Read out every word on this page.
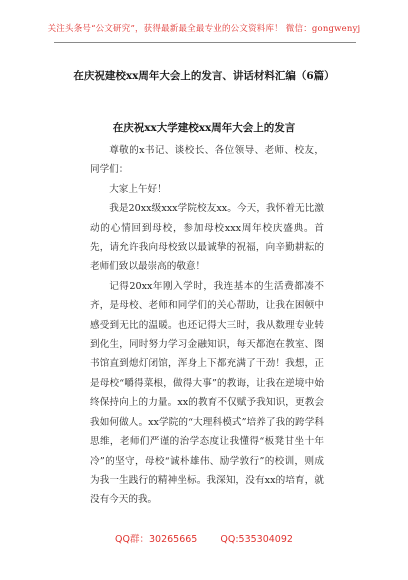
关注头条号“公文研究”，获得最新最全最专业的公文资料库！ 微信：gongwenyj
在庆祝建校xx周年大会上的发言、讲话材料汇编（6篇）
在庆祝xx大学建校xx周年大会上的发言

尊敬的x书记、谈校长、各位领导、老师、校友，同学们：

大家上午好！

我是20xx级xxx学院校友xx。今天，我怀着无比激动的心情回到母校，参加母校xxx周年校庆盛典。首先，请允许我向母校致以最诚挚的祝福，向辛勤耕耘的老师们致以最崇高的敬意！

记得20xx年刚入学时，我连基本的生活费都凑不齐，是母校、老师和同学们的关心帮助，让我在困顿中感受到无比的温暖。也还记得大三时，我从数理专业转到化生，同时努力学习金融知识，每天都泡在教室、图书馆直到熄灯闭馆，浑身上下都充满了干劲！我想，正是母校“嚼得菜根，做得大事”的教诲，让我在逆境中始终保持向上的力量。xx的教育不仅赋予我知识，更教会我如何做人。xx学院的“大理科模式”培养了我的跨学科思维，老师们严谨的治学态度让我懂得“板凳甘坐十年冷”的坚守，母校“诚朴雄伟、励学敦行”的校训，则成为我一生践行的精神坐标。我深知，没有xx的培育，就没有今天的我。

QQ群：30265665 QQ:535304092
